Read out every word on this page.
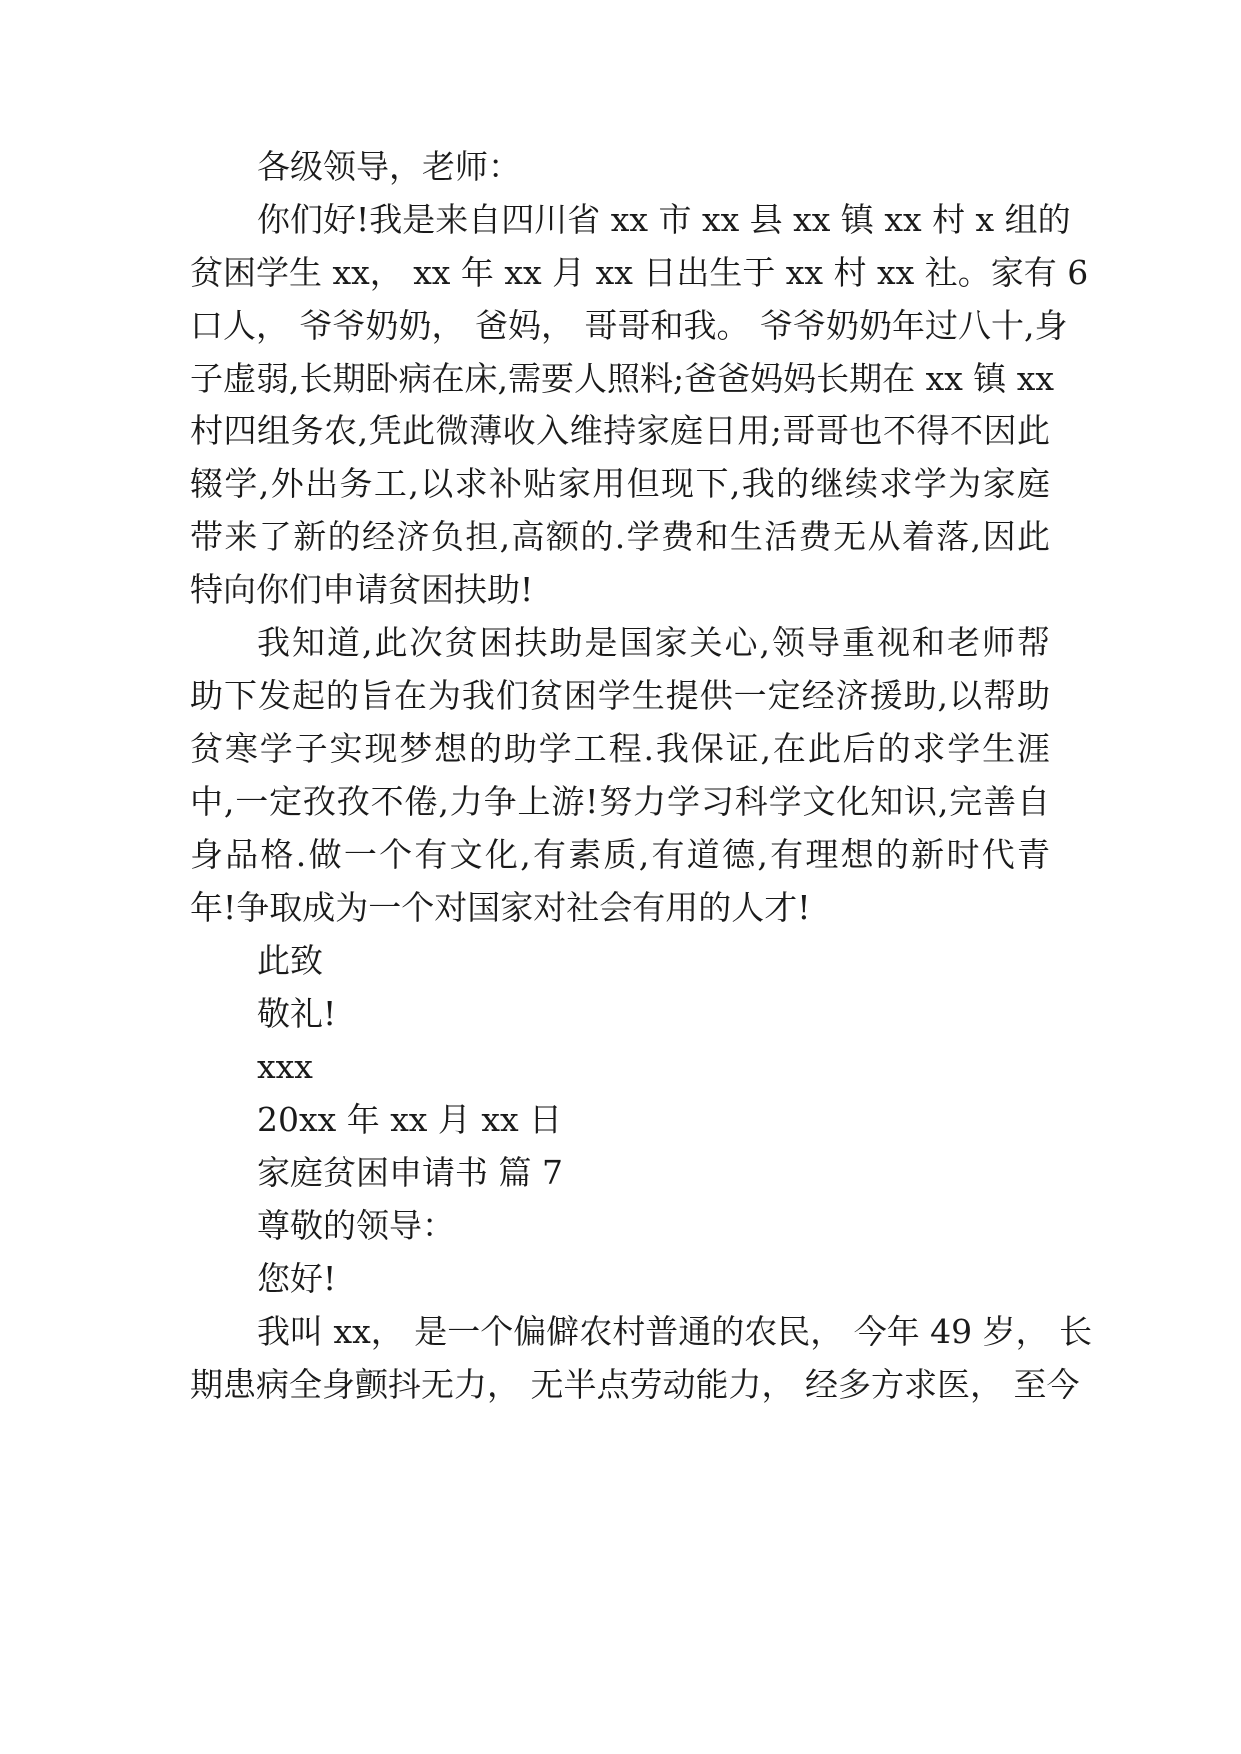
各级领导，老师：
你们好!我是来自四川省 xx 市 xx 县 xx 镇 xx 村 x 组的
贫困学生 xx， xx 年 xx 月 xx 日出生于 xx 村 xx 社。家有 6
口人， 爷爷奶奶， 爸妈， 哥哥和我。 爷爷奶奶年过八十,身
子虚弱,长期卧病在床,需要人照料;爸爸妈妈长期在 xx 镇 xx
村四组务农,凭此微薄收入维持家庭日用;哥哥也不得不因此
辍学,外出务工,以求补贴家用但现下,我的继续求学为家庭
带来了新的经济负担,高额的.学费和生活费无从着落,因此
特向你们申请贫困扶助!
我知道,此次贫困扶助是国家关心,领导重视和老师帮
助下发起的旨在为我们贫困学生提供一定经济援助,以帮助
贫寒学子实现梦想的助学工程.我保证,在此后的求学生涯
中,一定孜孜不倦,力争上游!努力学习科学文化知识,完善自
身品格.做一个有文化,有素质,有道德,有理想的新时代青
年!争取成为一个对国家对社会有用的人才!
此致
敬礼!
xxx
20xx 年 xx 月 xx 日
家庭贫困申请书 篇 7
尊敬的领导：
您好!
我叫 xx， 是一个偏僻农村普通的农民， 今年 49 岁， 长
期患病全身颤抖无力， 无半点劳动能力， 经多方求医， 至今
